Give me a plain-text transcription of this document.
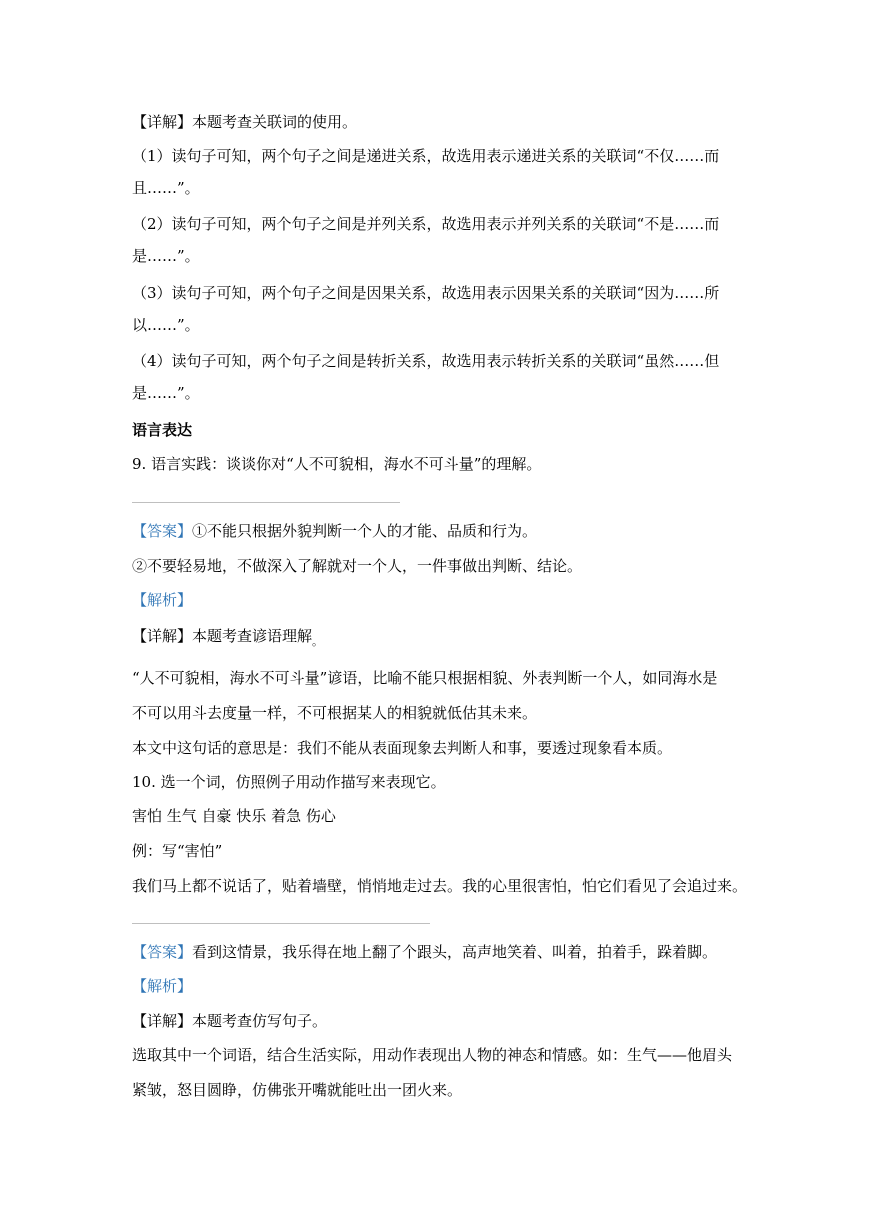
【详解】本题考查关联词的使用。
（1）读句子可知，两个句子之间是递进关系，故选用表示递进关系的关联词“不仅……而
且……”。
（2）读句子可知，两个句子之间是并列关系，故选用表示并列关系的关联词“不是……而
是……”。
（3）读句子可知，两个句子之间是因果关系，故选用表示因果关系的关联词“因为……所
以……”。
（4）读句子可知，两个句子之间是转折关系，故选用表示转折关系的关联词“虽然……但
是……”。
语言表达
9. 语言实践：谈谈你对“人不可貌相，海水不可斗量”的理解。
【答案】①不能只根据外貌判断一个人的才能、品质和行为。
②不要轻易地，不做深入了解就对一个人，一件事做出判断、结论。
【解析】
【详解】本题考查谚语理解$_。$
“人不可貌相，海水不可斗量”谚语，比喻不能只根据相貌、外表判断一个人，如同海水是
不可以用斗去度量一样，不可根据某人的相貌就低估其未来。
本文中这句话的意思是：我们不能从表面现象去判断人和事，要透过现象看本质。
10. 选一个词，仿照例子用动作描写来表现它。
害怕 生气 自豪 快乐 着急 伤心
例：写“害怕”
我们马上都不说话了，贴着墙壁，悄悄地走过去。我的心里很害怕，怕它们看见了会追过来。
【答案】看到这情景，我乐得在地上翻了个跟头，高声地笑着、叫着，拍着手，跺着脚。
【解析】
【详解】本题考查仿写句子。
选取其中一个词语，结合生活实际，用动作表现出人物的神态和情感。如：生气——他眉头
紧皱，怒目圆睁，仿佛张开嘴就能吐出一团火来。
